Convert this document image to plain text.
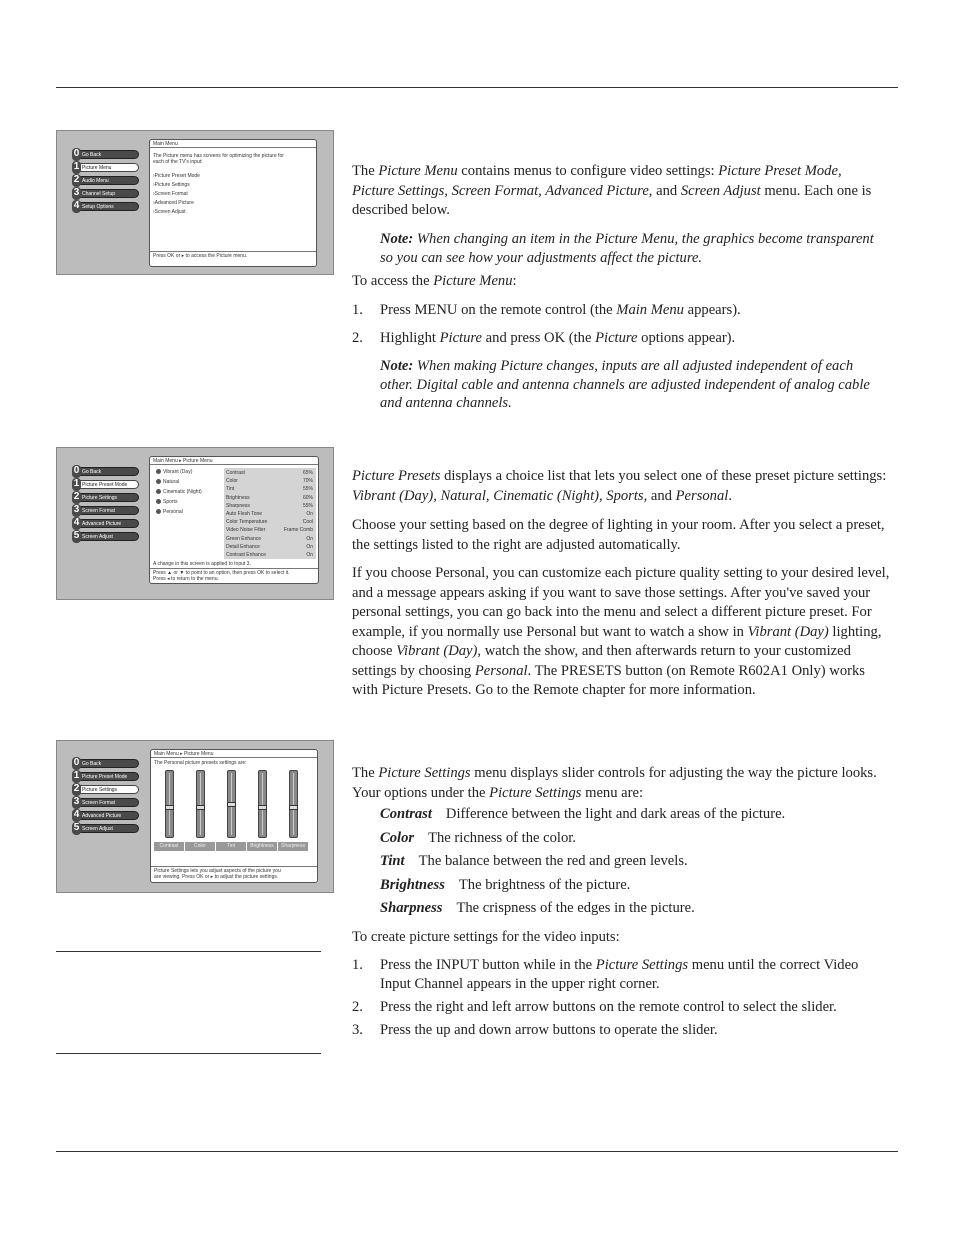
0 Go Back
1 Picture Menu
2 Audio Menu
3 Channel Setup
4 Setup Options
Main Menu
The Picture menu has screens for optimizing the picture for
each of the TV's input:
›Picture Preset Mode
›Picture Settings
›Screen Format
›Advanced Picture
›Screen Adjust
Press OK or ▸ to access the Picture menu.
0 Go Back
1 Picture Preset Mode
2 Picture Settings
3 Screen Format
4 Advanced Picture
5 Screen Adjust
Main Menu ▸ Picture Menu
Vibrant (Day)
Natural
Cinematic (Night)
Sports
Personal
Contrast	65%
Color	70%
Tint	55%
Brightness	60%
Sharpness	55%
Auto Flesh Tone	On
Color Temperature	Cool
Video Noise Filter	Frame Comb
Green Enhance	On
Detail Enhance	On
Contrast Enhance	On
A change in this screen is applied to Input 3.
Press ▲ or ▼ to point to an option, then press OK to select it.
Press ◂ to return to the menu.
0 Go Back
1 Picture Preset Mode
2 Picture Settings
3 Screen Format
4 Advanced Picture
5 Screen Adjust
Main Menu ▸ Picture Menu
The Personal picture presets settings are:
Contrast	Color	Tint	Brightness	Sharpness
Picture Settings lets you adjust aspects of the picture you
are viewing. Press OK or ▸ to adjust the picture settings.
The Picture Menu contains menus to configure video settings: Picture Preset Mode,
Picture Settings, Screen Format, Advanced Picture, and Screen Adjust menu. Each one is
described below.
Note: When changing an item in the Picture Menu, the graphics become transparent
so you can see how your adjustments affect the picture.
To access the Picture Menu:
1. Press MENU on the remote control (the Main Menu appears).
2. Highlight Picture and press OK (the Picture options appear).
Note: When making Picture changes, inputs are all adjusted independent of each
other. Digital cable and antenna channels are adjusted independent of analog cable
and antenna channels.
Picture Presets displays a choice list that lets you select one of these preset picture settings:
Vibrant (Day), Natural, Cinematic (Night), Sports, and Personal.
Choose your setting based on the degree of lighting in your room. After you select a preset,
the settings listed to the right are adjusted automatically.
If you choose Personal, you can customize each picture quality setting to your desired level,
and a message appears asking if you want to save those settings. After you've saved your
personal settings, you can go back into the menu and select a different picture preset. For
example, if you normally use Personal but want to watch a show in Vibrant (Day) lighting,
choose Vibrant (Day), watch the show, and then afterwards return to your customized
settings by choosing Personal. The PRESETS button (on Remote R602A1 Only) works
with Picture Presets. Go to the Remote chapter for more information.
The Picture Settings menu displays slider controls for adjusting the way the picture looks.
Your options under the Picture Settings menu are:
Contrast Difference between the light and dark areas of the picture.
Color The richness of the color.
Tint The balance between the red and green levels.
Brightness The brightness of the picture.
Sharpness The crispness of the edges in the picture.
To create picture settings for the video inputs:
1. Press the INPUT button while in the Picture Settings menu until the correct Video
Input Channel appears in the upper right corner.
2. Press the right and left arrow buttons on the remote control to select the slider.
3. Press the up and down arrow buttons to operate the slider.
